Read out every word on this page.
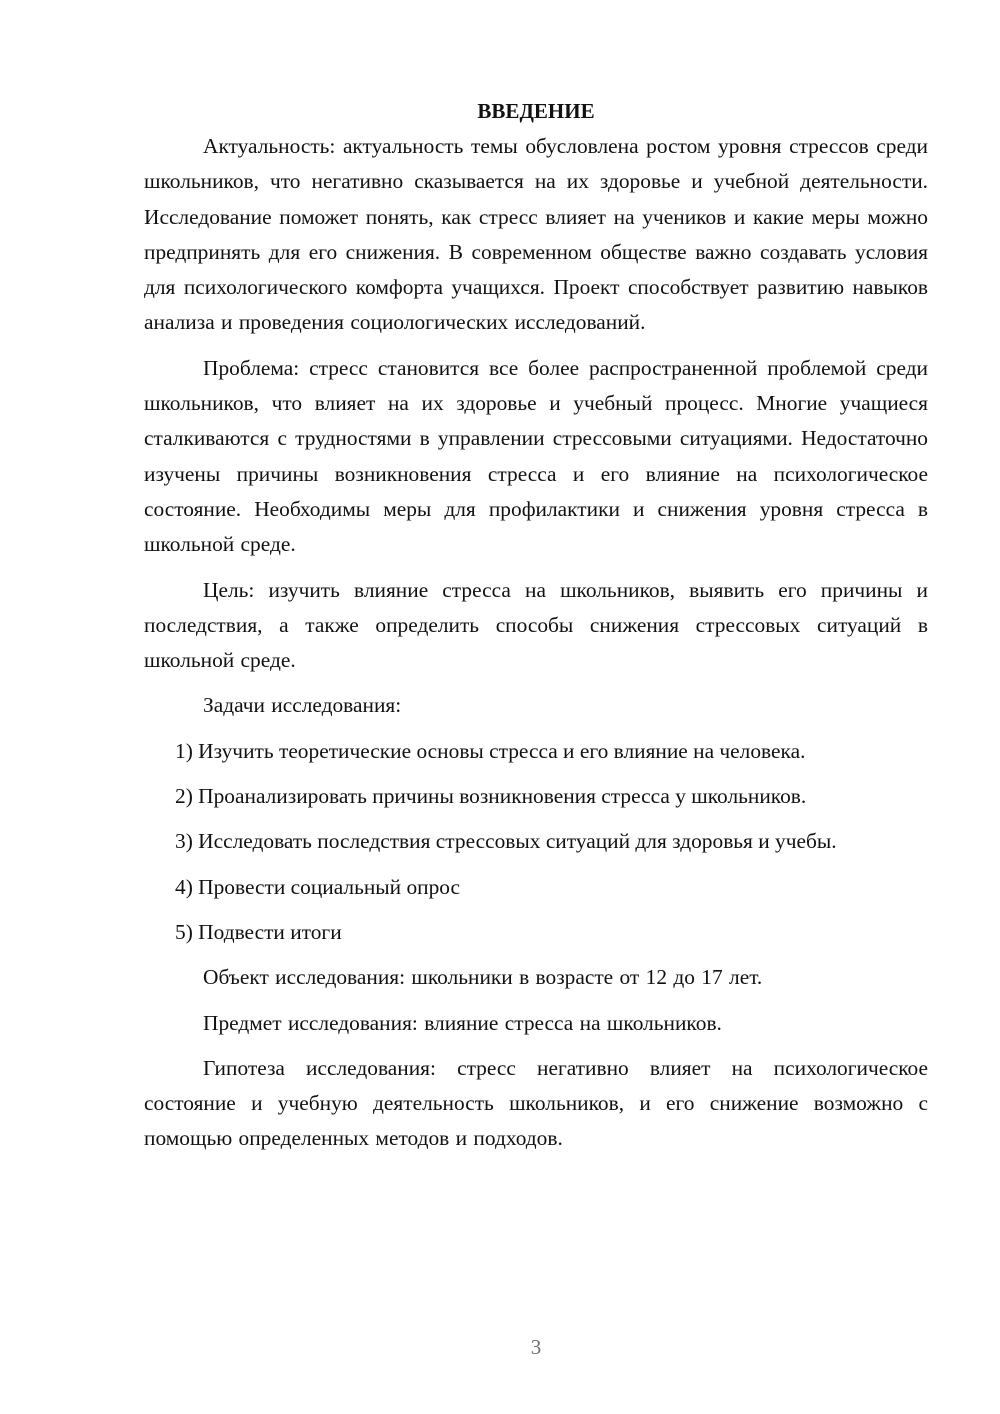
ВВЕДЕНИЕ

Актуальность: актуальность темы обусловлена ростом уровня стрессов среди школьников, что негативно сказывается на их здоровье и учебной деятельности. Исследование поможет понять, как стресс влияет на учеников и какие меры можно предпринять для его снижения. В современном обществе важно создавать условия для психологического комфорта учащихся. Проект способствует развитию навыков анализа и проведения социологических исследований.

Проблема: стресс становится все более распространенной проблемой среди школьников, что влияет на их здоровье и учебный процесс. Многие учащиеся сталкиваются с трудностями в управлении стрессовыми ситуациями. Недостаточно изучены причины возникновения стресса и его влияние на психологическое состояние. Необходимы меры для профилактики и снижения уровня стресса в школьной среде.

Цель: изучить влияние стресса на школьников, выявить его причины и последствия, а также определить способы снижения стрессовых ситуаций в школьной среде.

Задачи исследования:

1) Изучить теоретические основы стресса и его влияние на человека.

2) Проанализировать причины возникновения стресса у школьников.

3) Исследовать последствия стрессовых ситуаций для здоровья и учебы.

4) Провести социальный опрос

5) Подвести итоги

Объект исследования: школьники в возрасте от 12 до 17 лет.

Предмет исследования: влияние стресса на школьников.

Гипотеза исследования: стресс негативно влияет на психологическое состояние и учебную деятельность школьников, и его снижение возможно с помощью определенных методов и подходов.

3
